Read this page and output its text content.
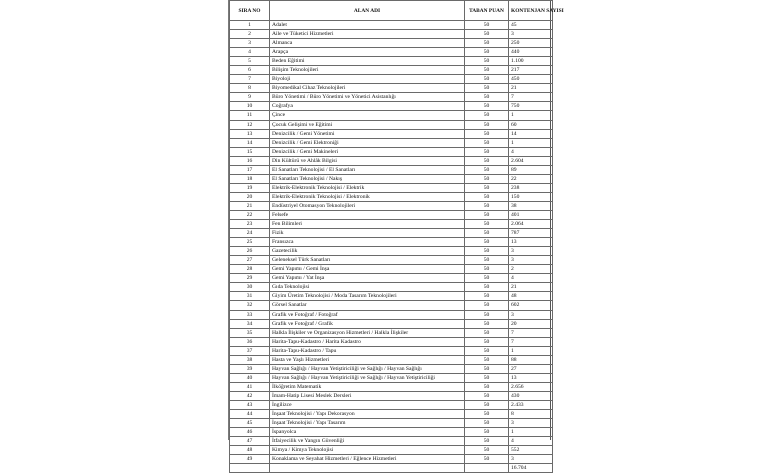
SIRA NO	ALAN ADI	TABAN PUAN	KONTENJAN SAYISI
1	Adalet	50	45
2	Aile ve Tüketici Hizmetleri	50	3
3	Almanca	50	250
4	Arapça	50	440
5	Beden Eğitimi	50	1.100
6	Bilişim Teknolojileri	50	217
7	Biyoloji	50	450
8	Biyomedikal Cihaz Teknolojileri	50	21
9	Büro Yönetimi / Büro Yönetimi ve Yönetici Asistanlığı	50	7
10	Coğrafya	50	750
11	Çince	50	1
12	Çocuk Gelişimi ve Eğitimi	50	60
13	Denizcilik / Gemi Yönetimi	50	14
14	Denizcilik / Gemi Elektroniği	50	1
15	Denizcilik / Gemi Makineleri	50	4
16	Din Kültürü ve Ahlâk Bilgisi	50	2.604
17	El Sanatları Teknolojisi / El Sanatları	50	89
18	El Sanatları Teknolojisi / Nakış	50	22
19	Elektrik-Elektronik Teknolojisi / Elektrik	50	238
20	Elektrik-Elektronik Teknolojisi / Elektronik	50	150
21	Endüstriyel Otomasyon Teknolojileri	50	38
22	Felsefe	50	401
23	Fen Bilimleri	50	2.064
24	Fizik	50	787
25	Fransızca	50	13
26	Gazetecilik	50	3
27	Geleneksel Türk Sanatları	50	3
28	Gemi Yapımı / Gemi İnşa	50	2
29	Gemi Yapımı / Yat İnşa	50	4
30	Gıda Teknolojisi	50	21
31	Giyim Üretim Teknolojisi / Moda Tasarım Teknolojileri	50	48
32	Görsel Sanatlar	50	602
33	Grafik ve Fotoğraf / Fotoğraf	50	3
34	Grafik ve Fotoğraf / Grafik	50	20
35	Halkla İlişkiler ve Organizasyon Hizmetleri / Halkla İlişkiler	50	7
36	Harita-Tapu-Kadastro / Harita Kadastro	50	7
37	Harita-Tapu-Kadastro / Tapu	50	1
38	Hasta ve Yaşlı Hizmetleri	50	88
39	Hayvan Sağlığı / Hayvan Yetiştiriciliği ve Sağlığı / Hayvan Sağlığı	50	27
40	Hayvan Sağlığı / Hayvan Yetiştiriciliği ve Sağlığı / Hayvan Yetiştiriciliği	50	13
41	İlköğretim Matematik	50	2.656
42	İmam-Hatip Lisesi Meslek Dersleri	50	430
43	İngilizce	50	2.433
44	İnşaat Teknolojisi / Yapı Dekorasyon	50	8
45	İnşaat Teknolojisi / Yapı Tasarım	50	3
46	İspanyolca	50	1
47	İtfaiyecilik ve Yangın Güvenliği	50	4
48	Kimya / Kimya Teknolojisi	50	552
49	Konaklama ve Seyahat Hizmetleri / Eğlence Hizmetleri	50	3
			16.704
